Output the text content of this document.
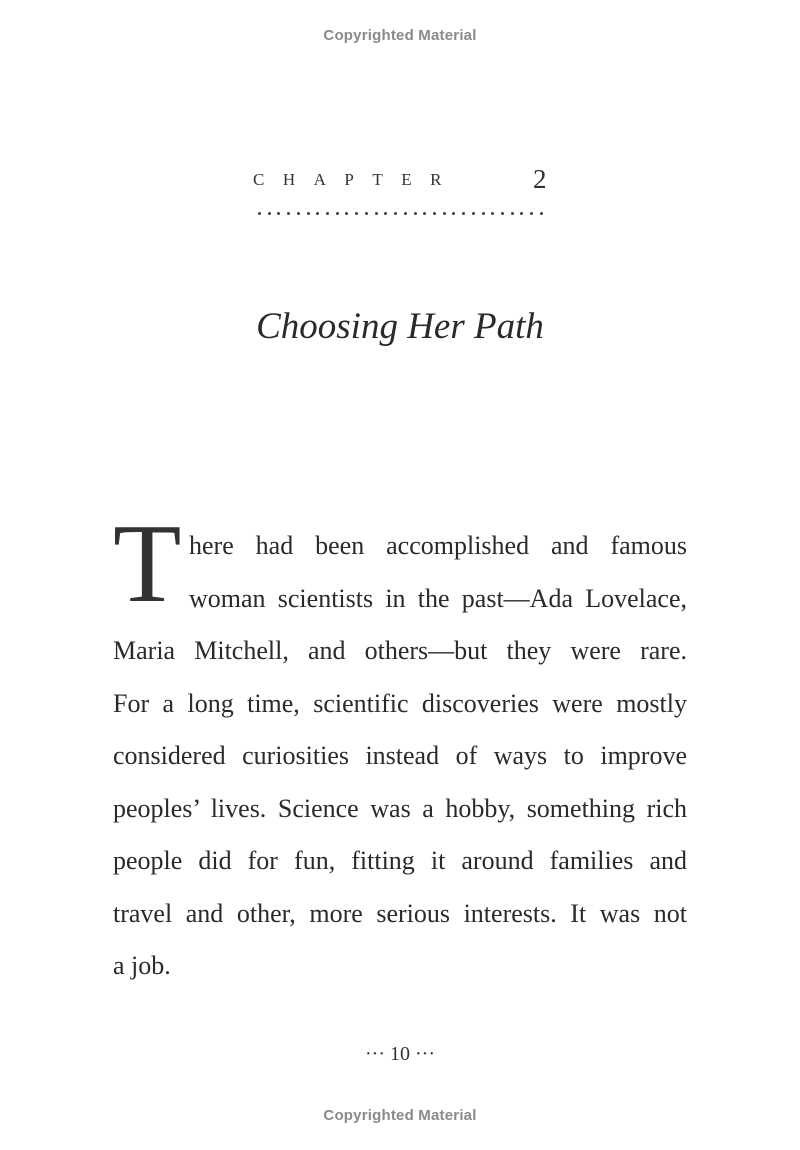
Copyrighted Material
CHAPTER	2
Choosing Her Path
T here had been accomplished and famous
woman scientists in the past—Ada Lovelace,
Maria Mitchell, and others—but they were rare.
For a long time, scientific discoveries were mostly
considered curiosities instead of ways to improve
peoples’ lives. Science was a hobby, something rich
people did for fun, fitting it around families and
travel and other, more serious interests. It was not
a job.
··· 10 ···
Copyrighted Material
